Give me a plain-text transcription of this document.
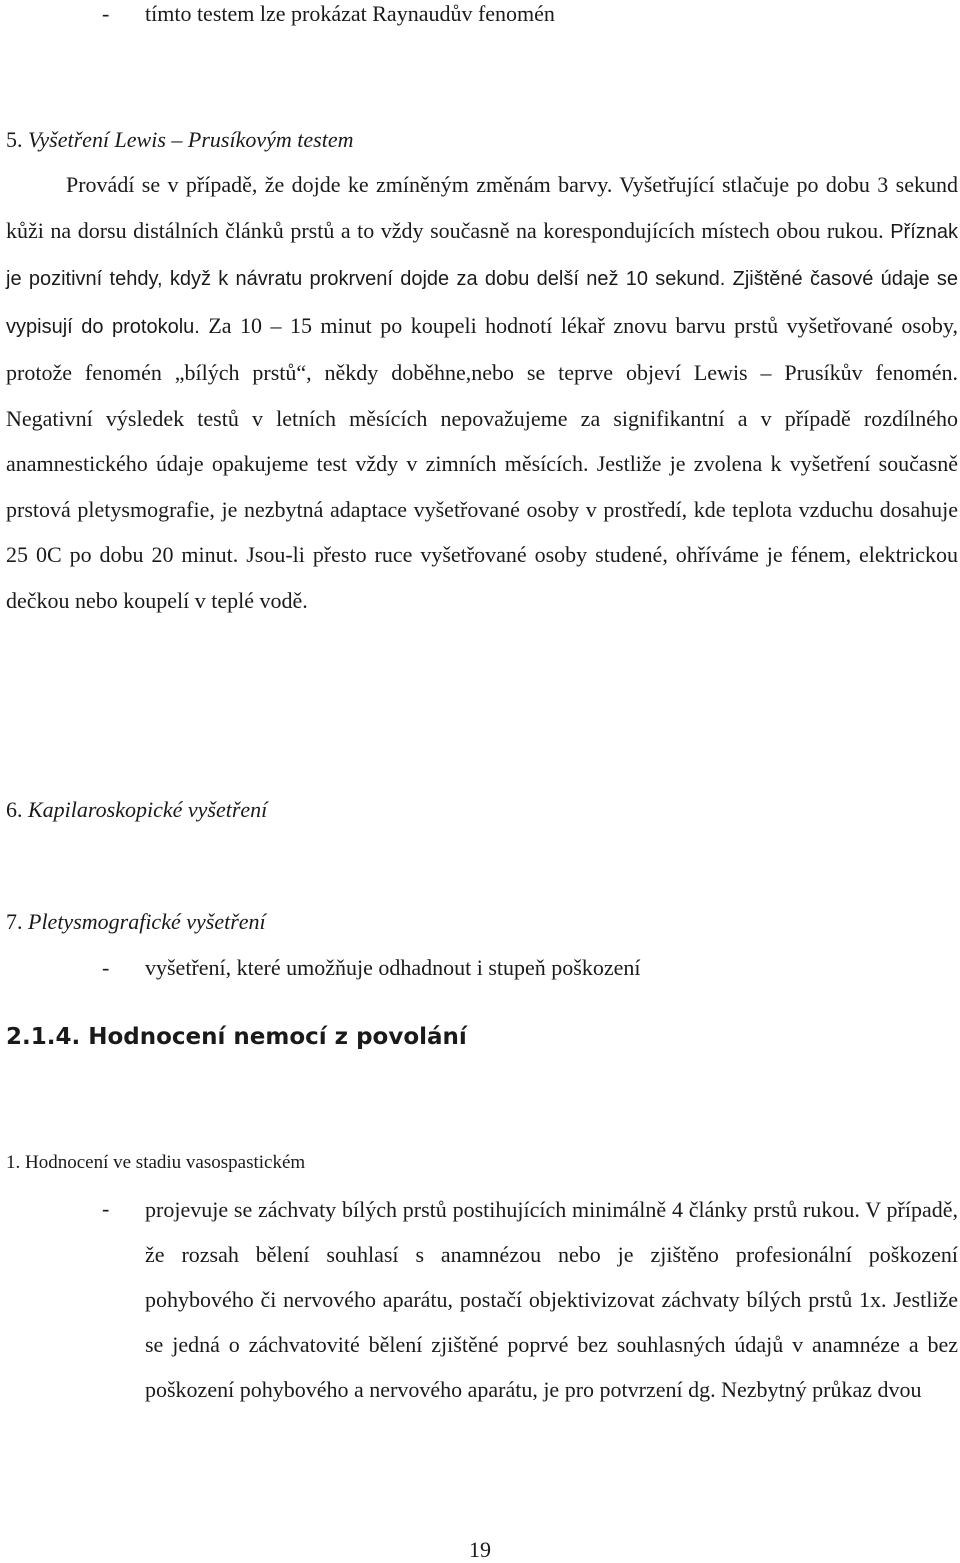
- tímto testem lze prokázat Raynaudův fenomén
5. Vyšetření Lewis – Prusíkovým testem

Provádí se v případě, že dojde ke zmíněným změnám barvy. Vyšetřující stlačuje po dobu 3 sekund kůži na dorsu distálních článků prstů a to vždy současně na korespondujících místech obou rukou. Příznak je pozitivní tehdy, když k návratu prokrvení dojde za dobu delší než 10 sekund. Zjištěné časové údaje se vypisují do protokolu. Za 10 – 15 minut po koupeli hodnotí lékař znovu barvu prstů vyšetřované osoby, protože fenomén „bílých prstů“, někdy doběhne,nebo se teprve objeví Lewis – Prusíkův fenomén. Negativní výsledek testů v letních měsících nepovažujeme za signifikantní a v případě rozdílného anamnestického údaje opakujeme test vždy v zimních měsících. Jestliže je zvolena k vyšetření současně prstová pletysmografie, je nezbytná adaptace vyšetřované osoby v prostředí, kde teplota vzduchu dosahuje 25 0C po dobu 20 minut. Jsou-li přesto ruce vyšetřované osoby studené, ohříváme je fénem, elektrickou dečkou nebo koupelí v teplé vodě.

6. Kapilaroskopické vyšetření
7. Pletysmografické vyšetření
- vyšetření, které umožňuje odhadnout i stupeň poškození
2.1.4. Hodnocení nemocí z povolání
1. Hodnocení ve stadiu vasospastickém
- projevuje se záchvaty bílých prstů postihujících minimálně 4 články prstů rukou. V případě, že rozsah bělení souhlasí s anamnézou nebo je zjištěno profesionální poškození pohybového či nervového aparátu, postačí objektivizovat záchvaty bílých prstů 1x. Jestliže se jedná o záchvatovité bělení zjištěné poprvé bez souhlasných údajů v anamnéze a bez poškození pohybového a nervového aparátu, je pro potvrzení dg. Nezbytný průkaz dvou

19
